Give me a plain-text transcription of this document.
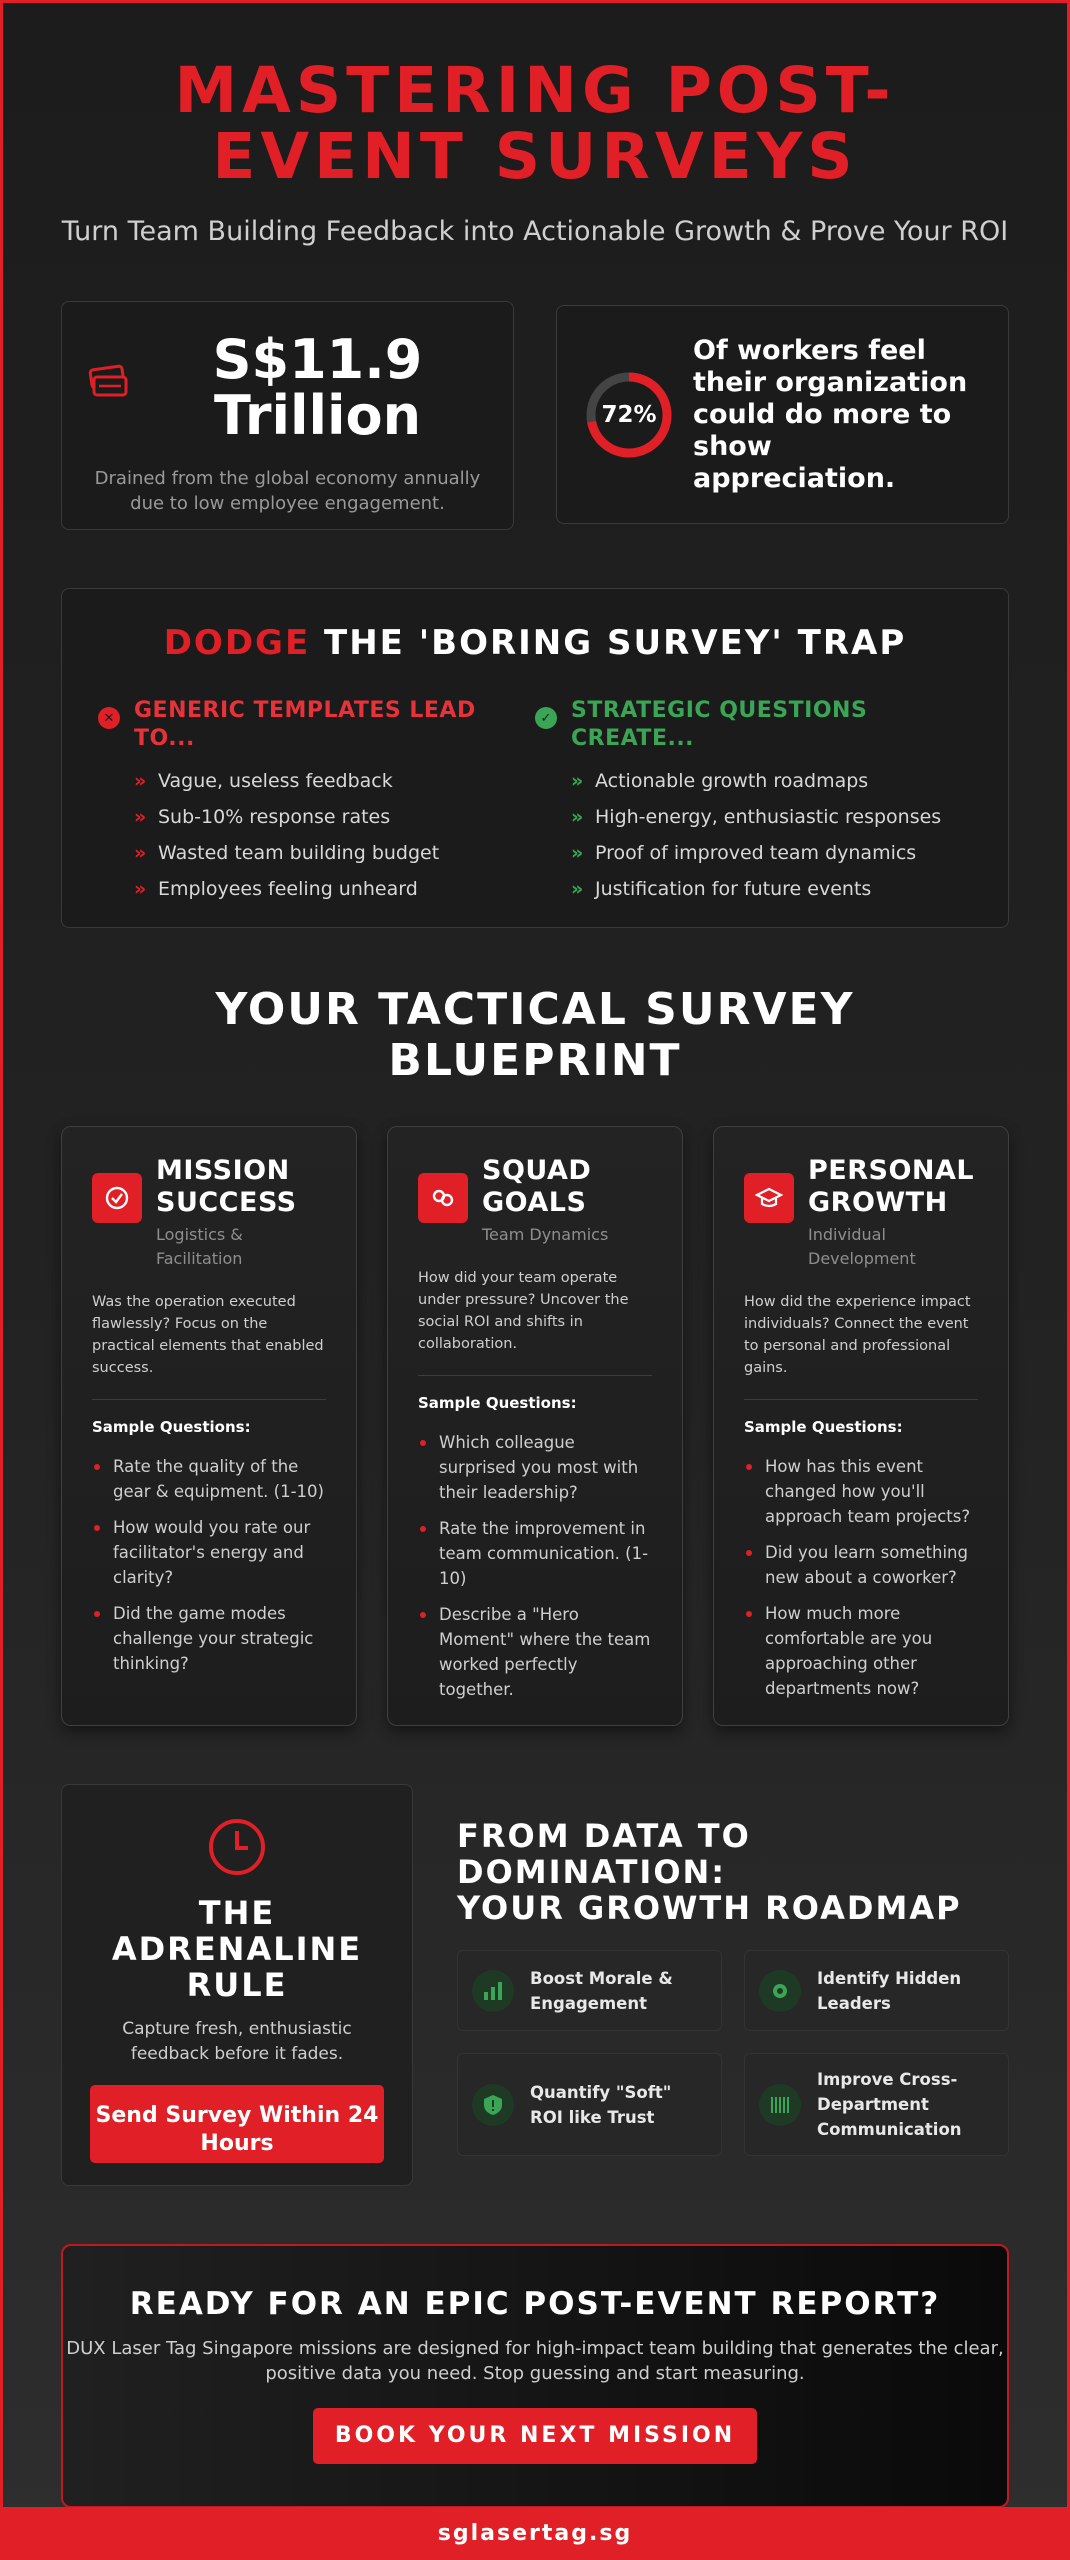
MASTERING POST-EVENT SURVEYS

Turn Team Building Feedback into Actionable Growth & Prove Your ROI

S$11.9 Trillion

Drained from the global economy annually due to low employee engagement.

72%

Of workers feel their organization could do more to show appreciation.

DODGE THE 'BORING SURVEY' TRAP
✕ GENERIC TEMPLATES LEAD TO...
» Vague, useless feedback
» Sub-10% response rates
» Wasted team building budget
» Employees feeling unheard
✓ STRATEGIC QUESTIONS CREATE...
» Actionable growth roadmaps
» High-energy, enthusiastic responses
» Proof of improved team dynamics
» Justification for future events
YOUR TACTICAL SURVEY BLUEPRINT
MISSION SUCCESS
Logistics & Facilitation

Was the operation executed flawlessly? Focus on the practical elements that enabled success.

Sample Questions:
Rate the quality of the gear & equipment. (1-10)
How would you rate our facilitator's energy and clarity?
Did the game modes challenge your strategic thinking?
SQUAD GOALS
Team Dynamics

How did your team operate under pressure? Uncover the social ROI and shifts in collaboration.

Sample Questions:
Which colleague surprised you most with their leadership?
Rate the improvement in team communication. (1-10)
Describe a "Hero Moment" where the team worked perfectly together.
PERSONAL GROWTH
Individual Development

How did the experience impact individuals? Connect the event to personal and professional gains.

Sample Questions:
How has this event changed how you'll approach team projects?
Did you learn something new about a coworker?
How much more comfortable are you approaching other departments now?
THE ADRENALINE RULE

Capture fresh, enthusiastic feedback before it fades.

Send Survey Within 24 Hours
FROM DATA TO DOMINATION:
YOUR GROWTH ROADMAP
Boost Morale & Engagement
Identify Hidden Leaders
Quantify "Soft" ROI like Trust
Improve Cross-Department Communication
READY FOR AN EPIC POST-EVENT REPORT?

DUX Laser Tag Singapore missions are designed for high-impact team building that generates the clear, positive data you need. Stop guessing and start measuring.

BOOK YOUR NEXT MISSION
sglasertag.sg
